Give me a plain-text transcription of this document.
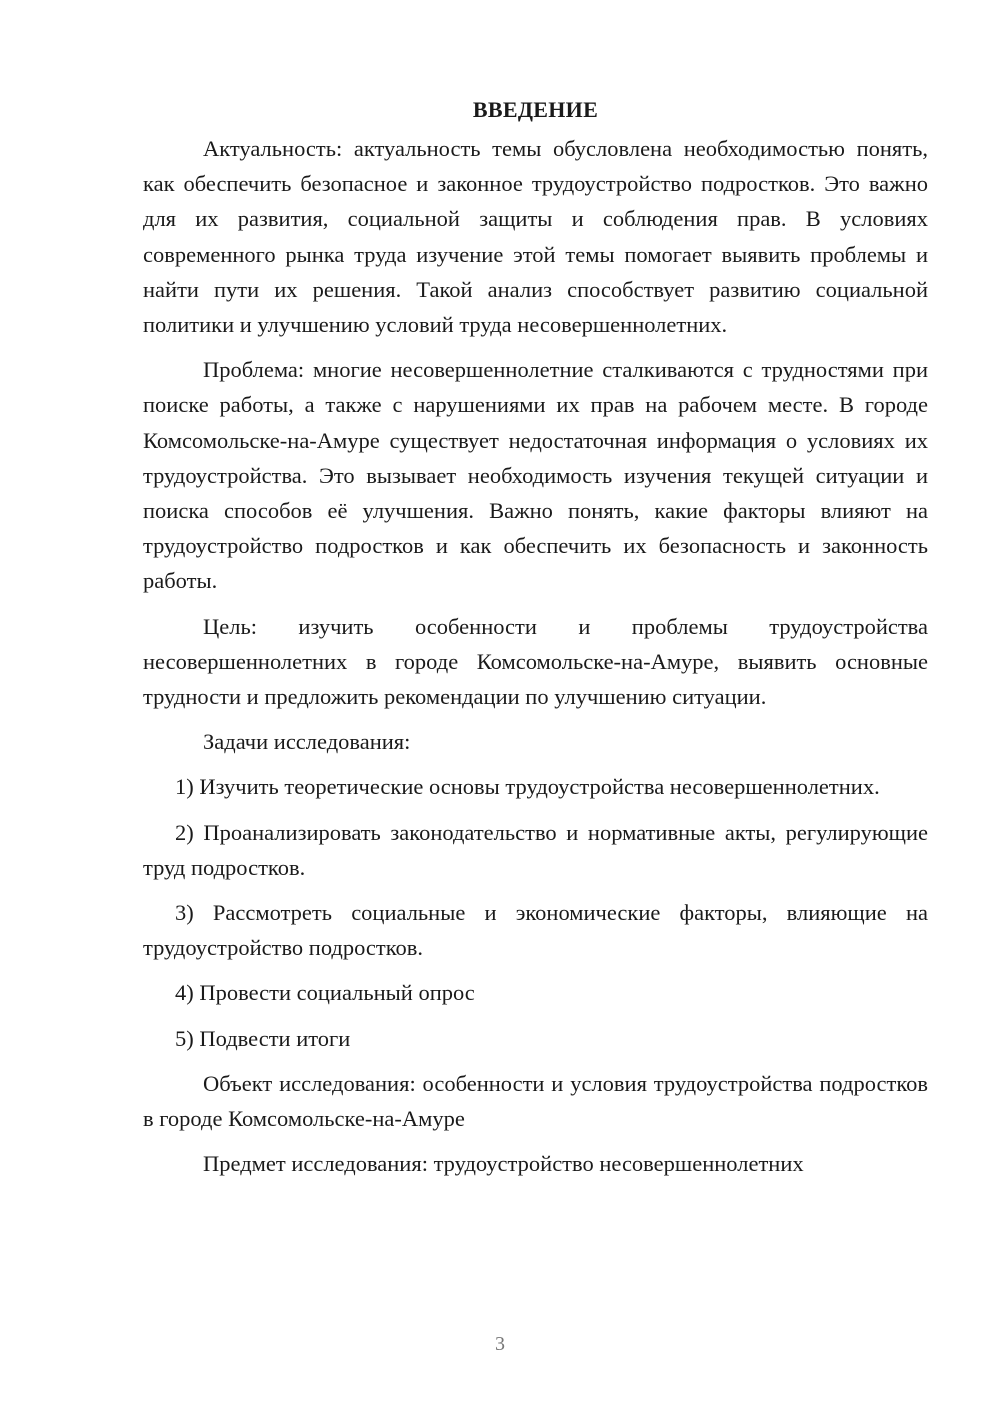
ВВЕДЕНИЕ

Актуальность: актуальность темы обусловлена необходимостью понять, как обеспечить безопасное и законное трудоустройство подростков. Это важно для их развития, социальной защиты и соблюдения прав. В условиях современного рынка труда изучение этой темы помогает выявить проблемы и найти пути их решения. Такой анализ способствует развитию социальной политики и улучшению условий труда несовершеннолетних.

Проблема: многие несовершеннолетние сталкиваются с трудностями при поиске работы, а также с нарушениями их прав на рабочем месте. В городе Комсомольске-на-Амуре существует недостаточная информация о условиях их трудоустройства. Это вызывает необходимость изучения текущей ситуации и поиска способов её улучшения. Важно понять, какие факторы влияют на трудоустройство подростков и как обеспечить их безопасность и законность работы.

Цель: изучить особенности и проблемы трудоустройства несовершеннолетних в городе Комсомольске-на-Амуре, выявить основные трудности и предложить рекомендации по улучшению ситуации.

Задачи исследования:

1) Изучить теоретические основы трудоустройства несовершеннолетних.

2) Проанализировать законодательство и нормативные акты, регулирующие труд подростков.

3) Рассмотреть социальные и экономические факторы, влияющие на трудоустройство подростков.

4) Провести социальный опрос

5) Подвести итоги

Объект исследования: особенности и условия трудоустройства подростков в городе Комсомольске-на-Амуре

Предмет исследования: трудоустройство несовершеннолетних

3
